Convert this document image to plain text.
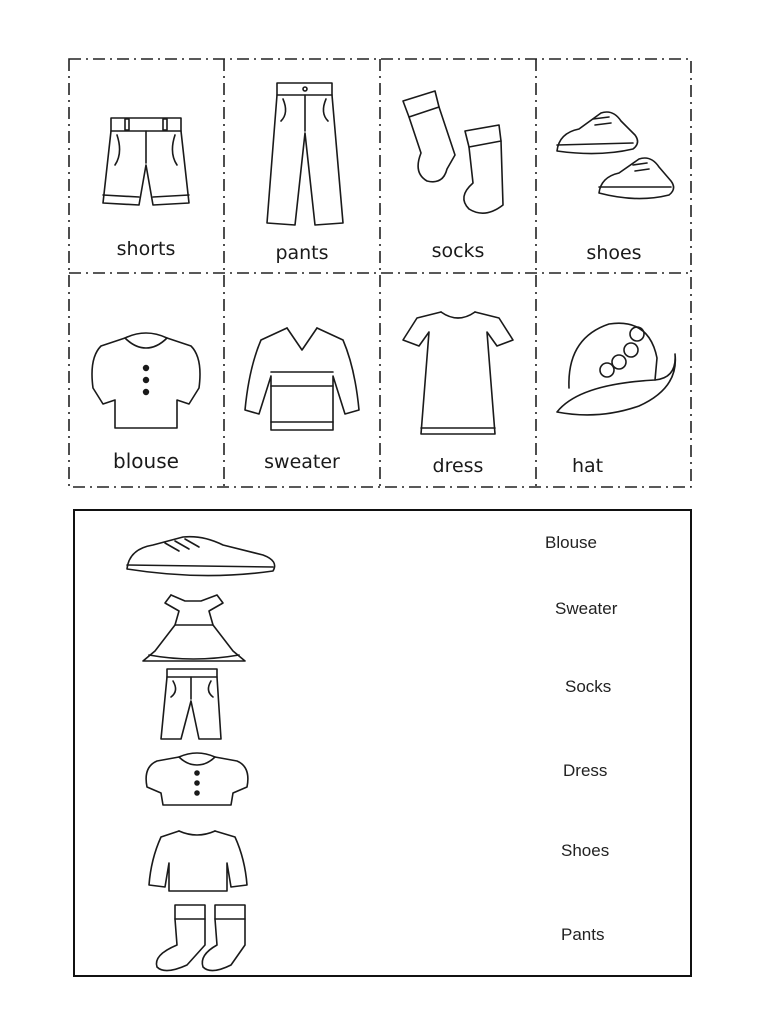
shorts	pants	socks	shoes
blouse	sweater	dress	hat
Blouse
Sweater
Socks
Dress
Shoes
Pants
